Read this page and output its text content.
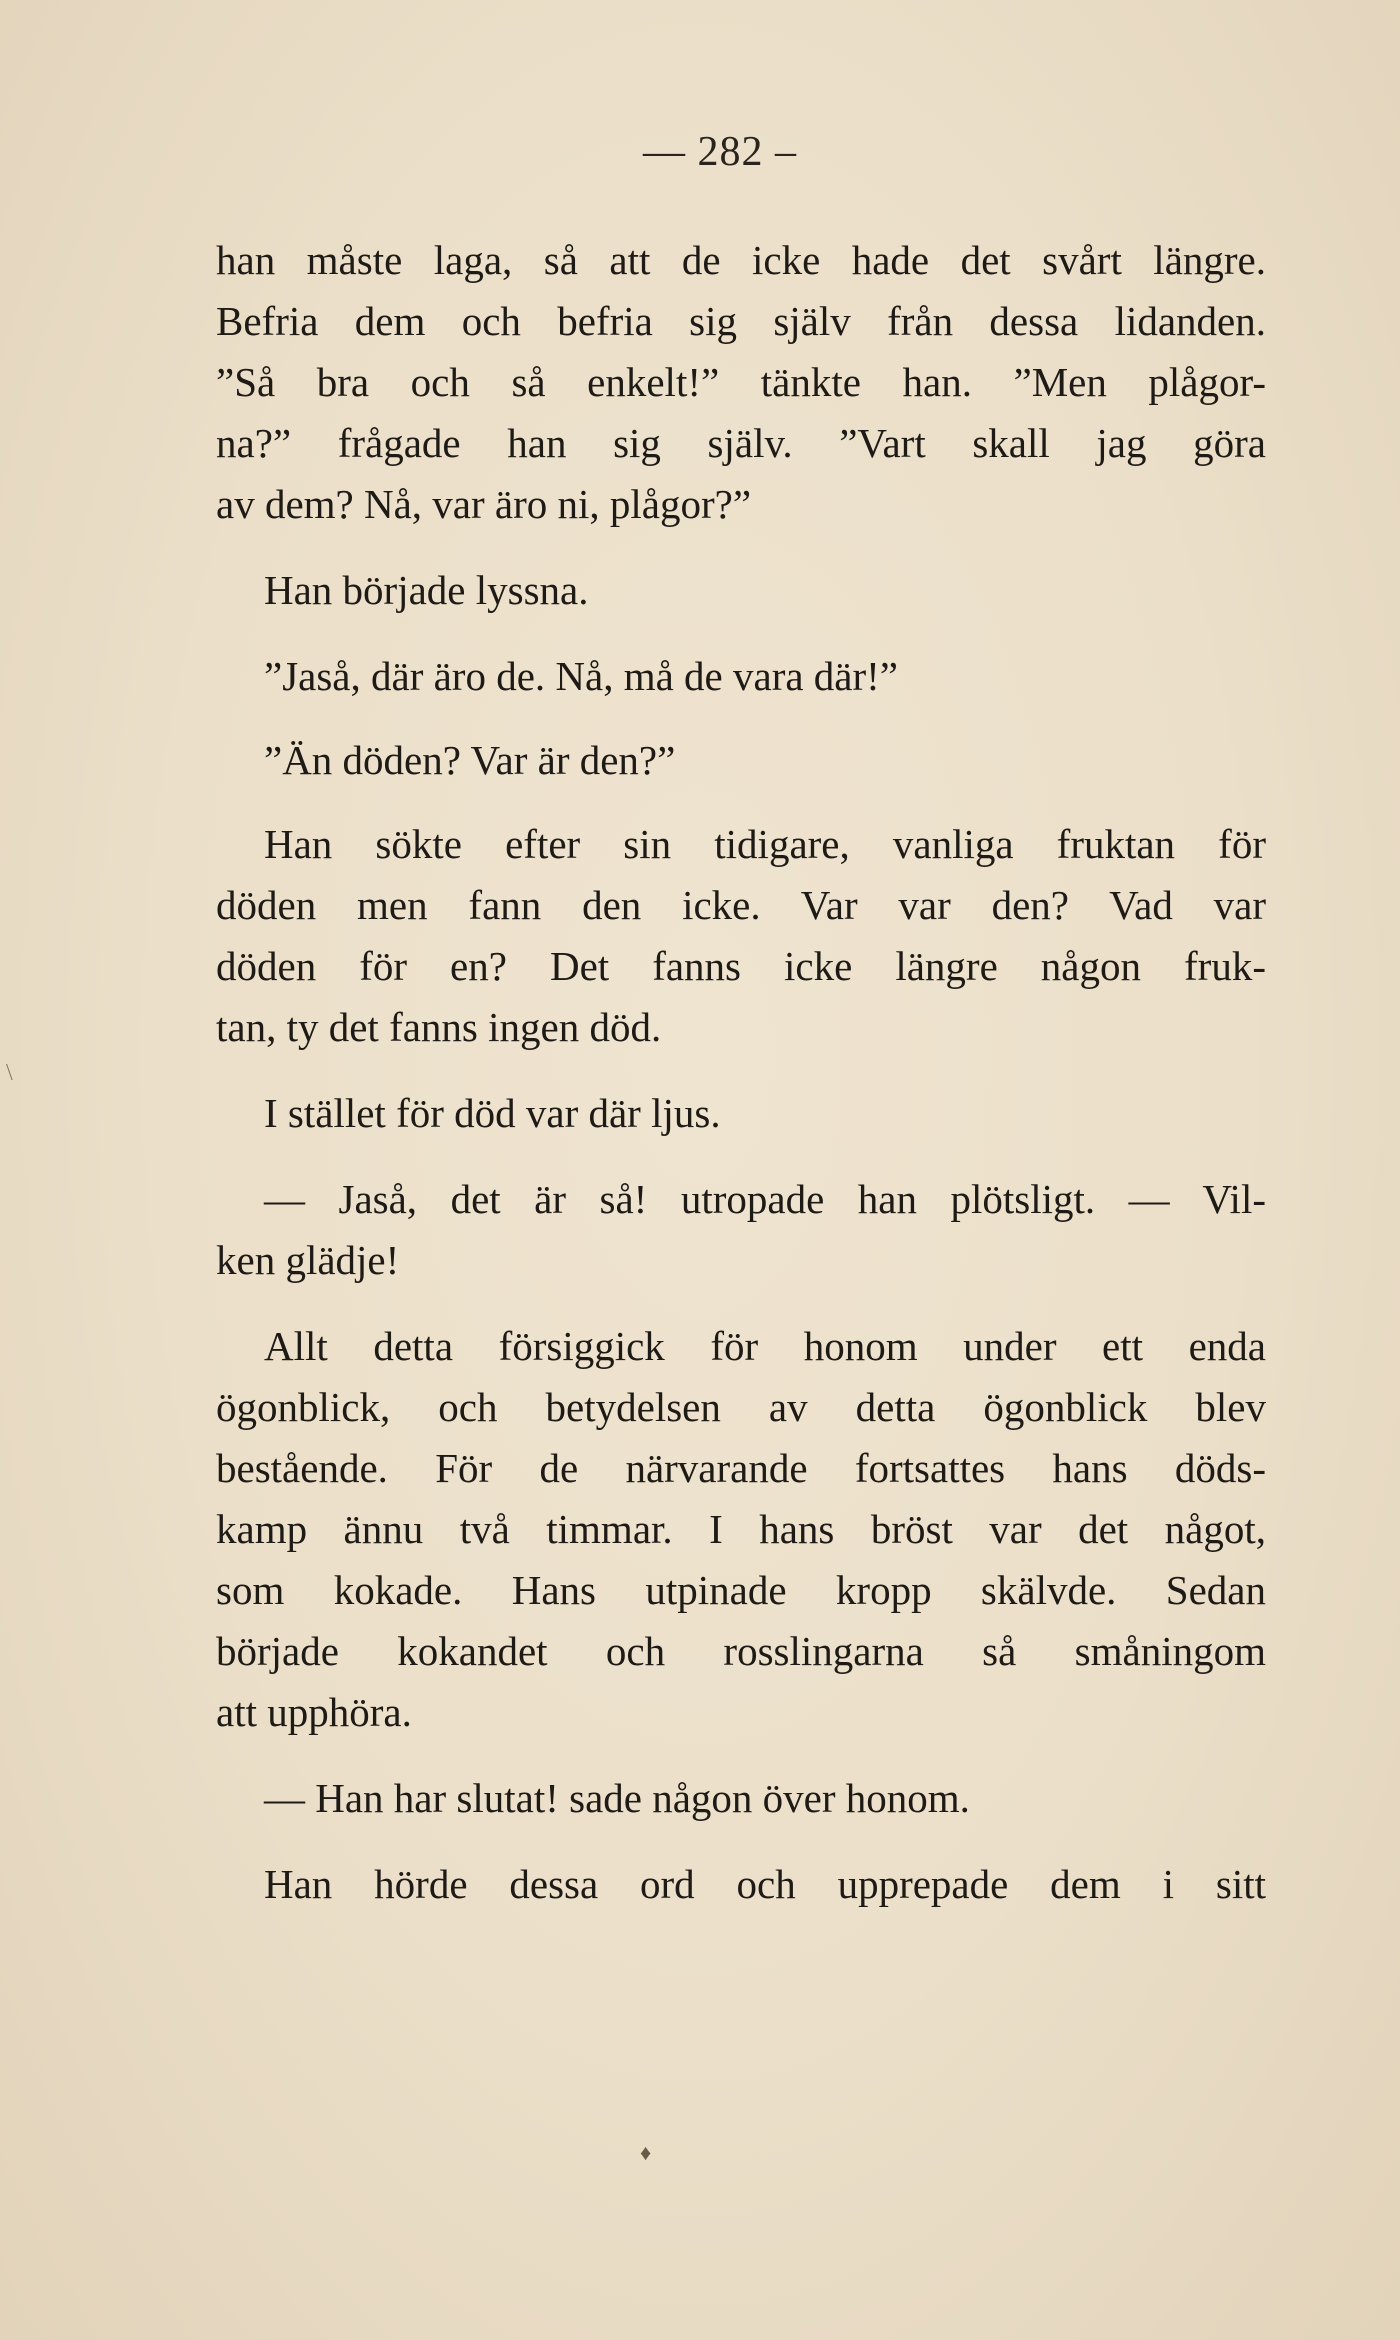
— 282 –
han måste laga, så att de icke hade det svårt längre.
Befria dem och befria sig själv från dessa lidanden.
”Så bra och så enkelt!” tänkte han. ”Men plågor-
na?” frågade han sig själv. ”Vart skall jag göra
av dem? Nå, var äro ni, plågor?”
Han började lyssna.
”Jaså, där äro de. Nå, må de vara där!”
”Än döden? Var är den?”
Han sökte efter sin tidigare, vanliga fruktan för
döden men fann den icke. Var var den? Vad var
döden för en? Det fanns icke längre någon fruk-
tan, ty det fanns ingen död.
I stället för död var där ljus.
— Jaså, det är så! utropade han plötsligt. — Vil-
ken glädje!
Allt detta försiggick för honom under ett enda
ögonblick, och betydelsen av detta ögonblick blev
bestående. För de närvarande fortsattes hans döds-
kamp ännu två timmar. I hans bröst var det något,
som kokade. Hans utpinade kropp skälvde. Sedan
började kokandet och rosslingarna så småningom
att upphöra.
— Han har slutat! sade någon över honom.
Han hörde dessa ord och upprepade dem i sitt
♦
\
